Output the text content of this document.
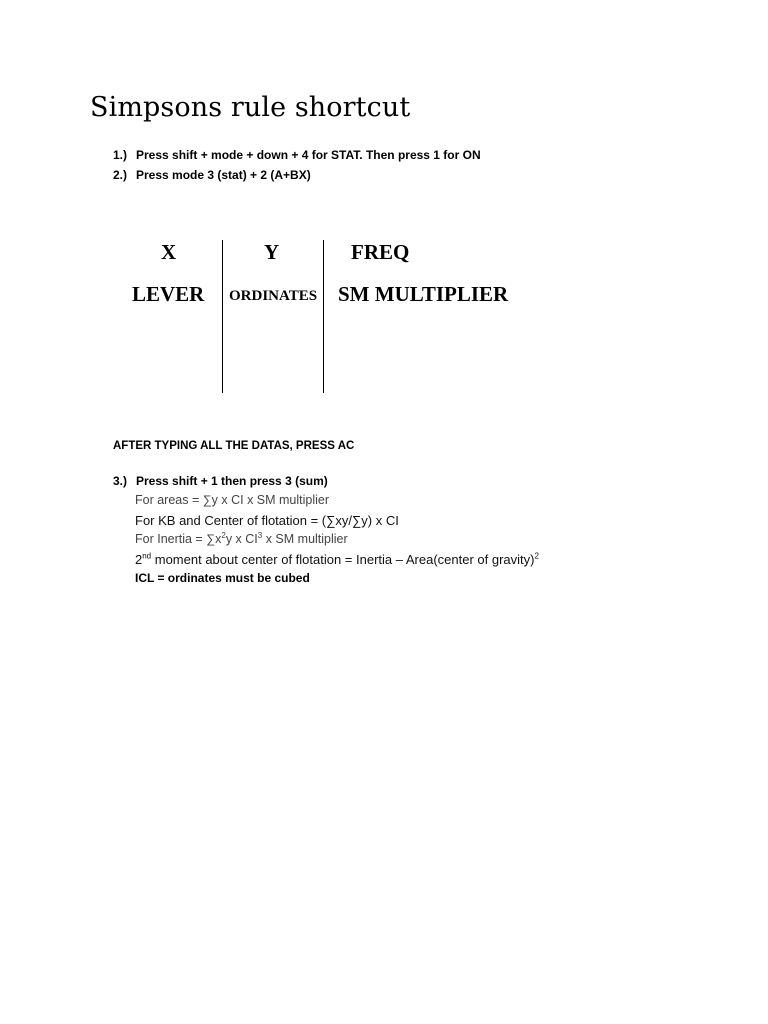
Simpsons rule shortcut
1.) Press shift + mode + down + 4 for STAT. Then press 1 for ON
2.) Press mode 3 (stat) + 2 (A+BX)
X	Y	FREQ
LEVER ORDINATES SM MULTIPLIER
AFTER TYPING ALL THE DATAS, PRESS AC
3.) Press shift + 1 then press 3 (sum)
For areas = ∑y x CI x SM multiplier
For KB and Center of flotation = (∑xy/∑y) x CI
For Inertia = $\sum x^2y$ x $CI^3$ x SM multiplier
2nd moment about center of flotation = Inertia – Area(center of gravity)$^2$
ICL = ordinates must be cubed
